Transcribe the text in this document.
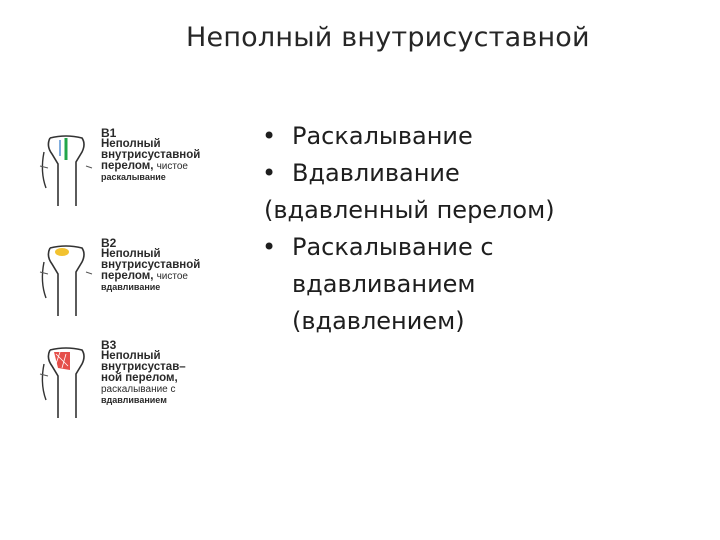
Неполный внутрисуставной
• Раскалывание
• Вдавливание
(вдавленный перелом)
• Раскалывание с
вдавливанием
(вдавлением)
B1
Неполный
внутрисуставной
перелом, чистое
раскалывание
B2
Неполный
внутрисуставной
перелом, чистое
вдавливание
B3
Неполный
внутрисустав–
ной перелом,
раскалывание с
вдавливанием
